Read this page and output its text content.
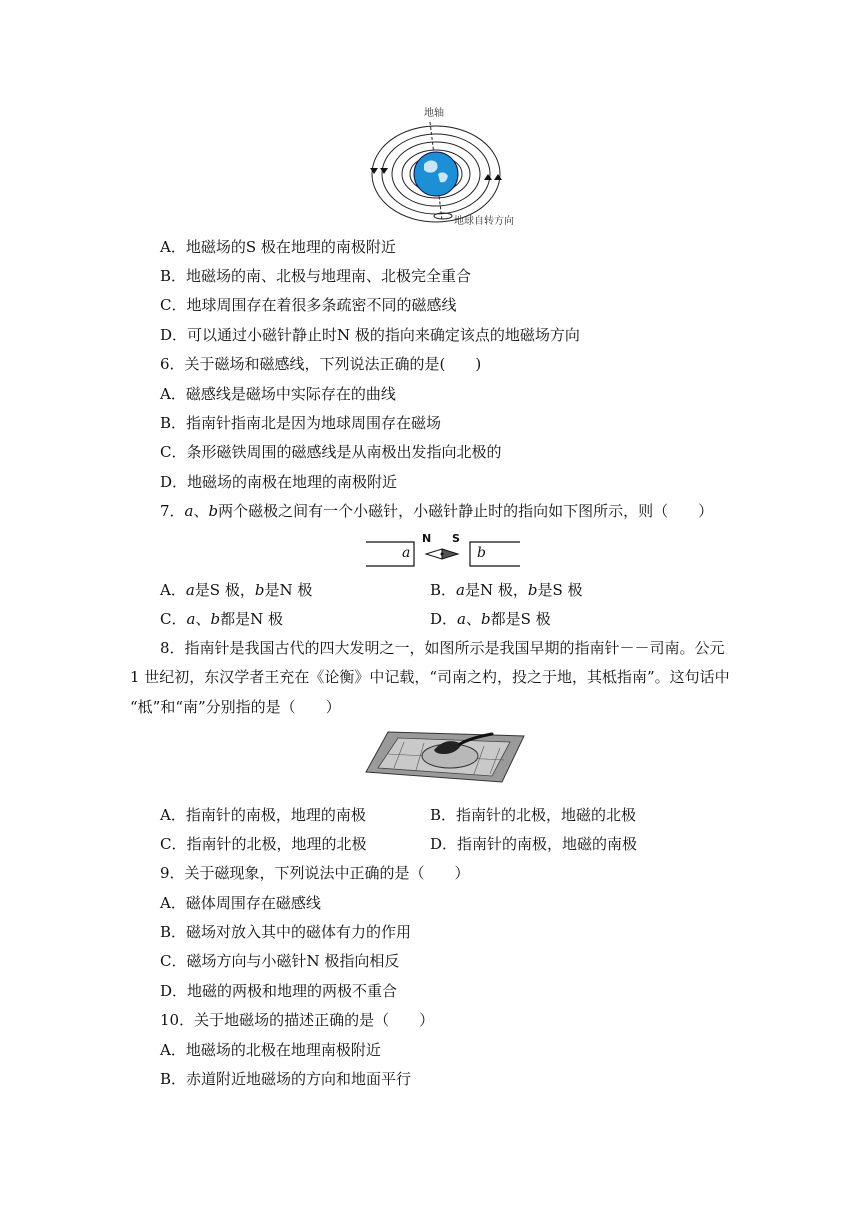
地轴
地球自转方向
A．地磁场的S 极在地理的南极附近
B．地磁场的南、北极与地理南、北极完全重合
C．地球周围存在着很多条疏密不同的磁感线
D．可以通过小磁针静止时N 极的指向来确定该点的地磁场方向
6．关于磁场和磁感线，下列说法正确的是(　　)
A．磁感线是磁场中实际存在的曲线
B．指南针指南北是因为地球周围存在磁场
C．条形磁铁周围的磁感线是从南极出发指向北极的
D．地磁场的南极在地理的南极附近
7．a、b两个磁极之间有一个小磁针，小磁针静止时的指向如下图所示，则（　　）
a	b
N S
A．a是S 极，b是N 极	B．a是N 极，b是S 极
C．a、b都是N 极	D．a、b都是S 极
8．指南针是我国古代的四大发明之一，如图所示是我国早期的指南针－－司南。公元
1 世纪初，东汉学者王充在《论衡》中记载，“司南之杓，投之于地，其柢指南”。这句话中
“柢”和“南”分别指的是（　　）
A．指南针的南极，地理的南极	B．指南针的北极，地磁的北极
C．指南针的北极，地理的北极	D．指南针的南极，地磁的南极
9．关于磁现象，下列说法中正确的是（　　）
A．磁体周围存在磁感线
B．磁场对放入其中的磁体有力的作用
C．磁场方向与小磁针N 极指向相反
D．地磁的两极和地理的两极不重合
10．关于地磁场的描述正确的是（　　）
A．地磁场的北极在地理南极附近
B．赤道附近地磁场的方向和地面平行
